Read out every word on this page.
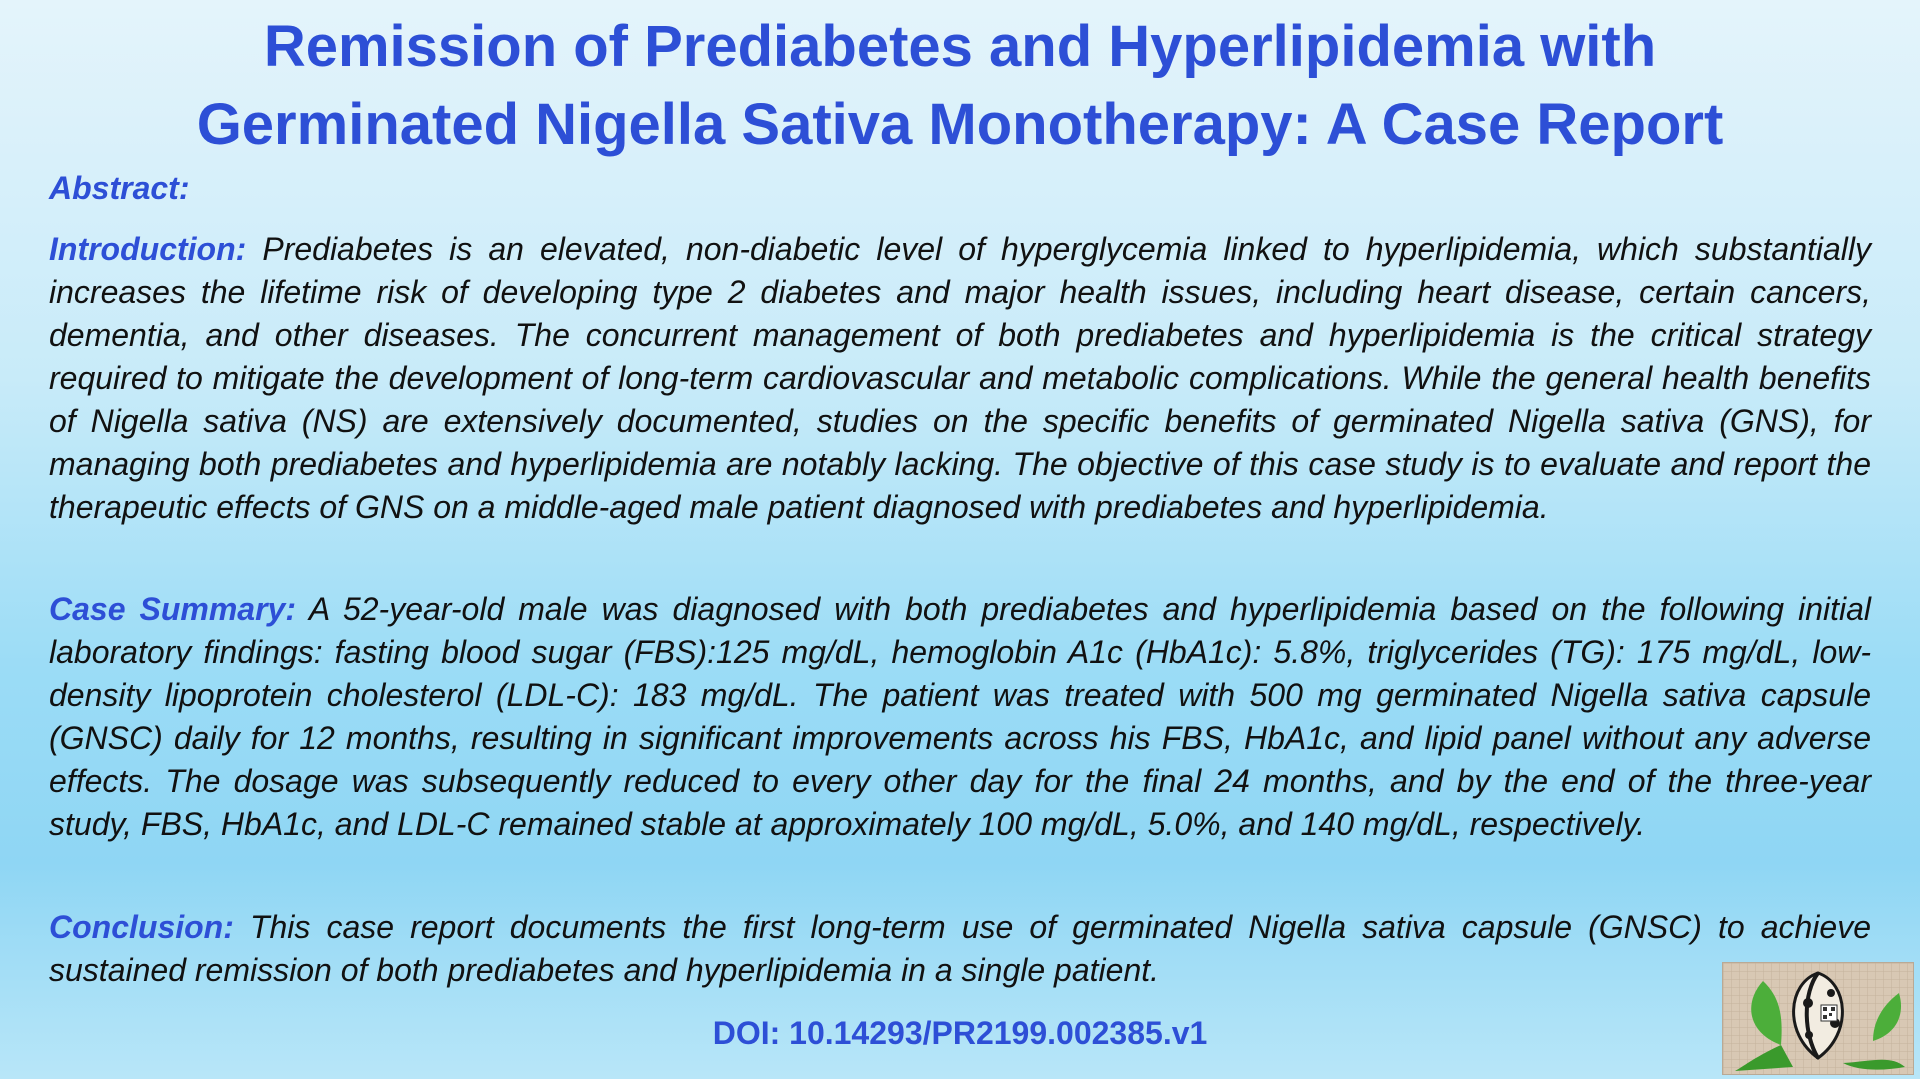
Remission of Prediabetes and Hyperlipidemia with
Germinated Nigella Sativa Monotherapy: A Case Report

Abstract:

Introduction: Prediabetes is an elevated, non-diabetic level of hyperglycemia linked to hyperlipidemia, which substantially increases the lifetime risk of developing type 2 diabetes and major health issues, including heart disease, certain cancers, dementia, and other diseases. The concurrent management of both prediabetes and hyperlipidemia is the critical strategy required to mitigate the development of long-term cardiovascular and metabolic complications. While the general health benefits of Nigella sativa (NS) are extensively documented, studies on the specific benefits of germinated Nigella sativa (GNS), for managing both prediabetes and hyperlipidemia are notably lacking. The objective of this case study is to evaluate and report the therapeutic effects of GNS on a middle-aged male patient diagnosed with prediabetes and hyperlipidemia.

Case Summary: A 52-year-old male was diagnosed with both prediabetes and hyperlipidemia based on the following initial laboratory findings: fasting blood sugar (FBS):125 mg/dL, hemoglobin A1c (HbA1c): 5.8%, triglycerides (TG): 175 mg/dL, low-density lipoprotein cholesterol (LDL-C): 183 mg/dL. The patient was treated with 500 mg germinated Nigella sativa capsule (GNSC) daily for 12 months, resulting in significant improvements across his FBS, HbA1c, and lipid panel without any adverse effects. The dosage was subsequently reduced to every other day for the final 24 months, and by the end of the three-year study, FBS, HbA1c, and LDL-C remained stable at approximately 100 mg/dL, 5.0%, and 140 mg/dL, respectively.

Conclusion: This case report documents the first long-term use of germinated Nigella sativa capsule (GNSC) to achieve sustained remission of both prediabetes and hyperlipidemia in a single patient.

DOI: 10.14293/PR2199.002385.v1
